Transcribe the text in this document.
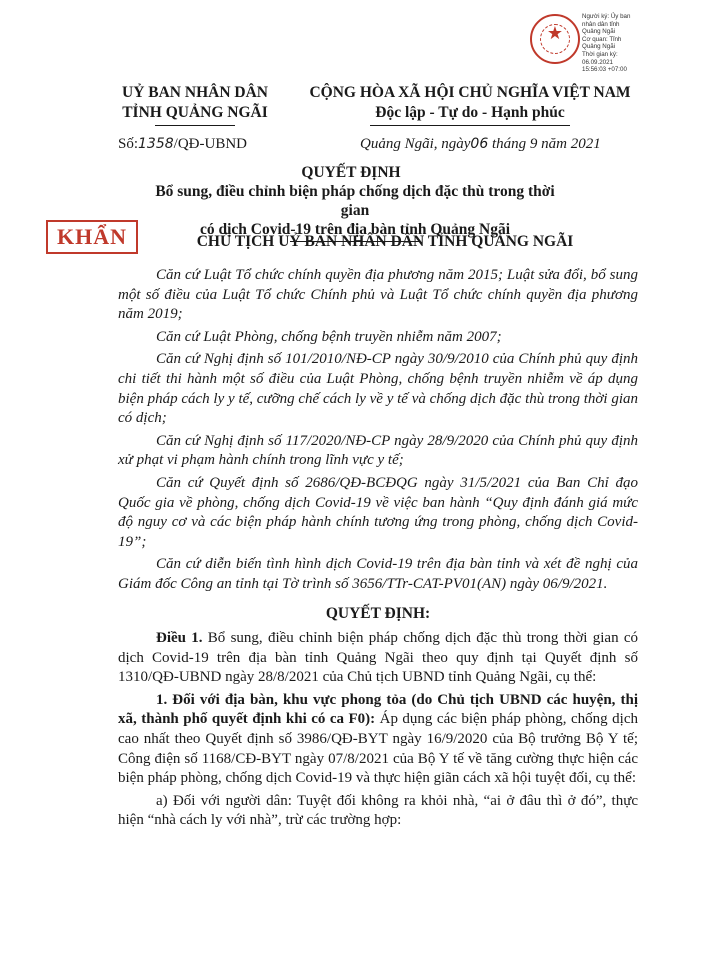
★
Người ký: Ủy ban
nhân dân tỉnh
Quảng Ngãi
Cơ quan: Tỉnh
Quảng Ngãi
Thời gian ký:
06.09.2021
15:56:03 +07:00
UỶ BAN NHÂN DÂN
TỈNH QUẢNG NGÃI
CỘNG HÒA XÃ HỘI CHỦ NGHĨA VIỆT NAM
Độc lập - Tự do - Hạnh phúc
Số:1358/QĐ-UBND	Quảng Ngãi, ngày06 tháng 9 năm 2021
QUYẾT ĐỊNH
Bổ sung, điều chỉnh biện pháp chống dịch đặc thù trong thời gian
có dịch Covid-19 trên địa bàn tỉnh Quảng Ngãi
KHẨN	CHỦ TỊCH UỶ BAN NHÂN DÂN TỈNH QUẢNG NGÃI

Căn cứ Luật Tổ chức chính quyền địa phương năm 2015; Luật sửa đổi, bổ sung một số điều của Luật Tổ chức Chính phủ và Luật Tổ chức chính quyền địa phương năm 2019;

Căn cứ Luật Phòng, chống bệnh truyền nhiễm năm 2007;

Căn cứ Nghị định số 101/2010/NĐ-CP ngày 30/9/2010 của Chính phủ quy định chi tiết thi hành một số điều của Luật Phòng, chống bệnh truyền nhiễm về áp dụng biện pháp cách ly y tế, cưỡng chế cách ly về y tế và chống dịch đặc thù trong thời gian có dịch;

Căn cứ Nghị định số 117/2020/NĐ-CP ngày 28/9/2020 của Chính phủ quy định xử phạt vi phạm hành chính trong lĩnh vực y tế;

Căn cứ Quyết định số 2686/QĐ-BCĐQG ngày 31/5/2021 của Ban Chỉ đạo Quốc gia về phòng, chống dịch Covid-19 về việc ban hành “Quy định đánh giá mức độ nguy cơ và các biện pháp hành chính tương ứng trong phòng, chống dịch Covid-19”;

Căn cứ diễn biến tình hình dịch Covid-19 trên địa bàn tỉnh và xét đề nghị của Giám đốc Công an tỉnh tại Tờ trình số 3656/TTr-CAT-PV01(AN) ngày 06/9/2021.

QUYẾT ĐỊNH:

Điều 1. Bổ sung, điều chỉnh biện pháp chống dịch đặc thù trong thời gian có dịch Covid-19 trên địa bàn tỉnh Quảng Ngãi theo quy định tại Quyết định số 1310/QĐ-UBND ngày 28/8/2021 của Chủ tịch UBND tỉnh Quảng Ngãi, cụ thể:

1. Đối với địa bàn, khu vực phong tỏa (do Chủ tịch UBND các huyện, thị xã, thành phố quyết định khi có ca F0): Áp dụng các biện pháp phòng, chống dịch cao nhất theo Quyết định số 3986/QĐ-BYT ngày 16/9/2020 của Bộ trưởng Bộ Y tế; Công điện số 1168/CĐ-BYT ngày 07/8/2021 của Bộ Y tế về tăng cường thực hiện các biện pháp phòng, chống dịch Covid-19 và thực hiện giãn cách xã hội tuyệt đối, cụ thể:

a) Đối với người dân: Tuyệt đối không ra khỏi nhà, “ai ở đâu thì ở đó”, thực hiện “nhà cách ly với nhà”, trừ các trường hợp:
